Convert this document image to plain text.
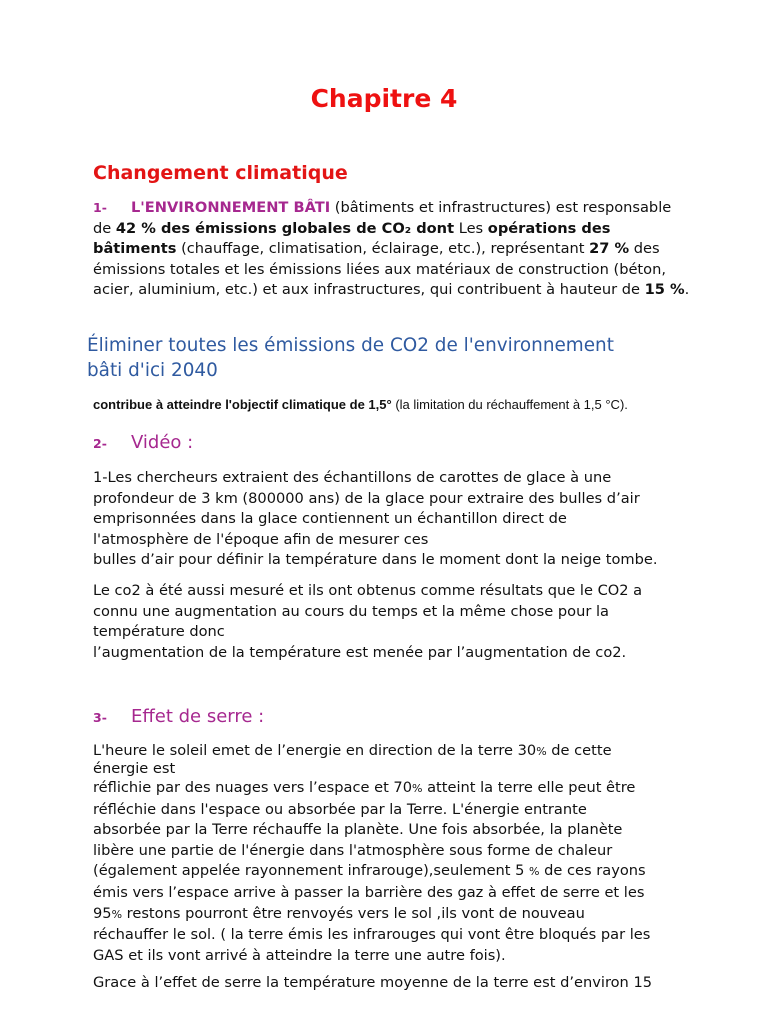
Chapitre 4
Changement climatique
1- L'ENVIRONNEMENT BÂTI (bâtiments et infrastructures) est responsable de 42 % des émissions globales de CO₂ dont Les opérations des bâtiments (chauffage, climatisation, éclairage, etc.), représentant 27 % des émissions totales et les émissions liées aux matériaux de construction (béton, acier, aluminium, etc.) et aux infrastructures, qui contribuent à hauteur de 15 %.
Éliminer toutes les émissions de CO2 de l'environnement
bâti d'ici 2040
contribue à atteindre l'objectif climatique de 1,5° (la limitation du réchauffement à 1,5 °C).
2- Vidéo :
1-Les chercheurs extraient des échantillons de carottes de glace à une
profondeur de 3 km (800000 ans) de la glace pour extraire des bulles d’air
emprisonnées dans la glace contiennent un échantillon direct de
l'atmosphère de l'époque afin de mesurer ces
bulles d’air pour définir la température dans le moment dont la neige tombe.
Le co2 à été aussi mesuré et ils ont obtenus comme résultats que le CO2 a
connu une augmentation au cours du temps et la même chose pour la
température donc
l’augmentation de la température est menée par l’augmentation de co2.
3- Effet de serre :
L'heure le soleil emet de l’energie en direction de la terre 30% de cette
énergie est
réflichie par des nuages vers l’espace et 70% atteint la terre elle peut être
réfléchie dans l'espace ou absorbée par la Terre. L'énergie entrante
absorbée par la Terre réchauffe la planète. Une fois absorbée, la planète
libère une partie de l'énergie dans l'atmosphère sous forme de chaleur
(également appelée rayonnement infrarouge),seulement 5 % de ces rayons
émis vers l’espace arrive à passer la barrière des gaz à effet de serre et les
95% restons pourront être renvoyés vers le sol ,ils vont de nouveau
réchauffer le sol. ( la terre émis les infrarouges qui vont être bloqués par les
GAS et ils vont arrivé à atteindre la terre une autre fois).
Grace à l’effet de serre la température moyenne de la terre est d’environ 15
